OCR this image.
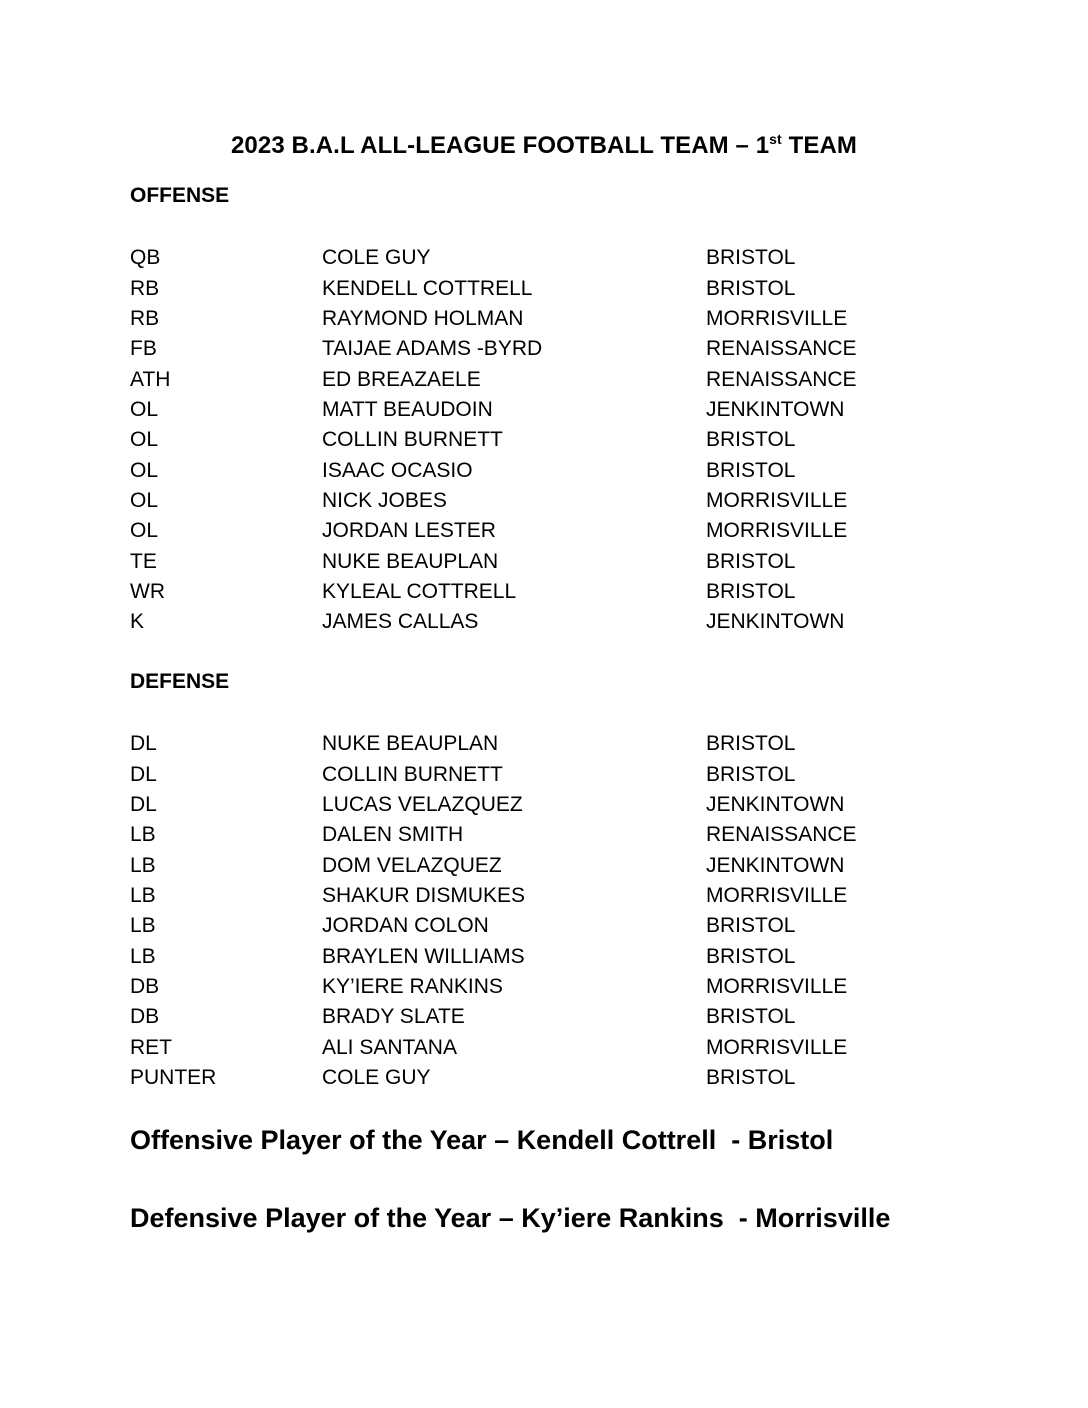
2023 B.A.L ALL-LEAGUE FOOTBALL TEAM – 1st TEAM
OFFENSE
QB	COLE GUY	BRISTOL
RB	KENDELL COTTRELL	BRISTOL
RB	RAYMOND HOLMAN	MORRISVILLE
FB	TAIJAE ADAMS -BYRD	RENAISSANCE
ATH	ED BREAZAELE	RENAISSANCE
OL	MATT BEAUDOIN	JENKINTOWN
OL	COLLIN BURNETT	BRISTOL
OL	ISAAC OCASIO	BRISTOL
OL	NICK JOBES	MORRISVILLE
OL	JORDAN LESTER	MORRISVILLE
TE	NUKE BEAUPLAN	BRISTOL
WR	KYLEAL COTTRELL	BRISTOL
K	JAMES CALLAS	JENKINTOWN
DEFENSE
DL	NUKE BEAUPLAN	BRISTOL
DL	COLLIN BURNETT	BRISTOL
DL	LUCAS VELAZQUEZ	JENKINTOWN
LB	DALEN SMITH	RENAISSANCE
LB	DOM VELAZQUEZ	JENKINTOWN
LB	SHAKUR DISMUKES	MORRISVILLE
LB	JORDAN COLON	BRISTOL
LB	BRAYLEN WILLIAMS	BRISTOL
DB	KY’IERE RANKINS	MORRISVILLE
DB	BRADY SLATE	BRISTOL
RET	ALI SANTANA	MORRISVILLE
PUNTER	COLE GUY	BRISTOL
Offensive Player of the Year – Kendell Cottrell  - Bristol
Defensive Player of the Year – Ky’iere Rankins  - Morrisville
